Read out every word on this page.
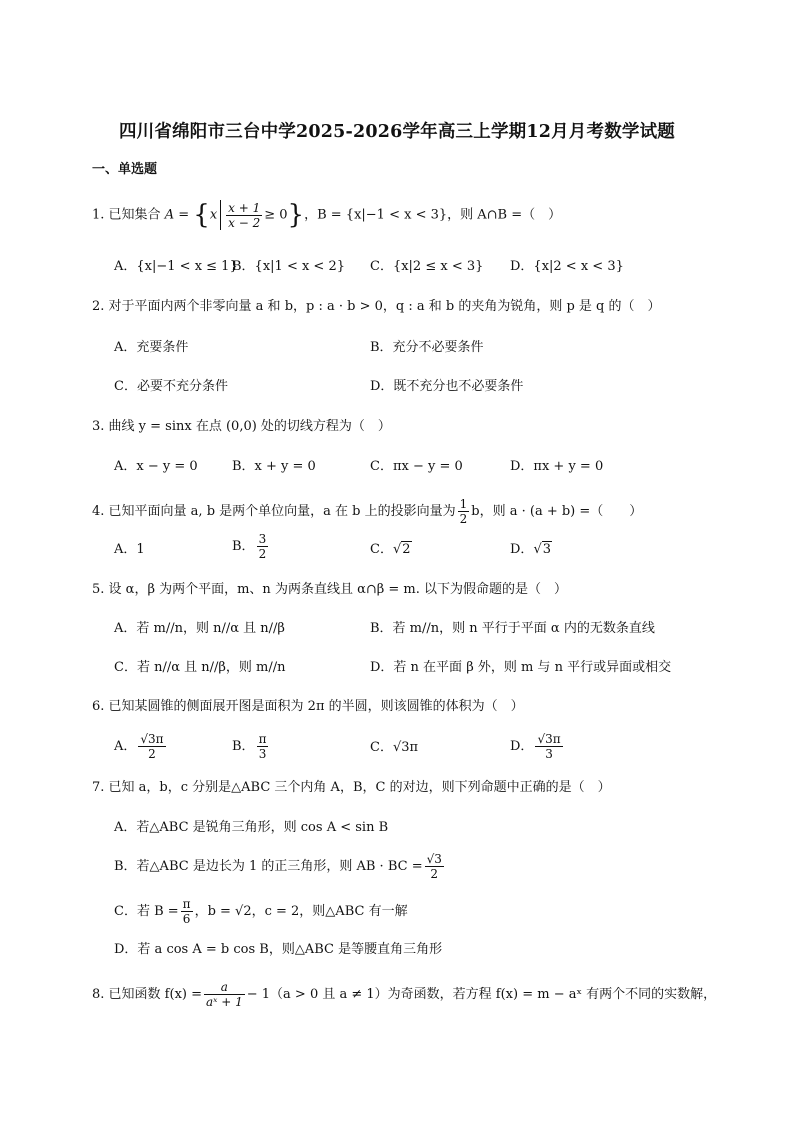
四川省绵阳市三台中学2025-2026学年高三上学期12月月考数学试题
一、单选题
1. 已知集合 $A = \{x \frac{x + 1}{x - 2} \ge 0\}$，B = {x|−1 < x < 3}，则 A∩B =（　）
A．{x|−1 < x ≤ 1}
B．{x|1 < x < 2} C．{x|2 ≤ x < 3} D．{x|2 < x < 3}
2. 对于平面内两个非零向量 a 和 b，p : a · b > 0，q : a 和 b 的夹角为锐角，则 p 是 q 的（　）
A．充要条件	B．充分不必要条件
C．必要不充分条件	D．既不充分也不必要条件
3. 曲线 y = sinx 在点 (0,0) 处的切线方程为（　）
A．x − y = 0	B．x + y = 0	C．πx − y = 0	D．πx + y = 0
4. 已知平面向量 a, b 是两个单位向量，a 在 b 上的投影向量为 $\frac{1}{2}$ b，则 a · (a + b) =（　　）
A．1	B． $\frac{3}{2}$	C．√2	D．√3
5. 设 α，β 为两个平面，m、n 为两条直线且 α∩β = m. 以下为假命题的是（　）
A．若 m//n，则 n//α 且 n//β	B．若 m//n，则 n 平行于平面 α 内的无数条直线
C．若 n//α 且 n//β，则 m//n	D．若 n 在平面 β 外，则 m 与 n 平行或异面或相交
6. 已知某圆锥的侧面展开图是面积为 2π 的半圆，则该圆锥的体积为（　）
A． $\frac{√3\pi}{2}$	B． $\frac{\pi}{3}$	C．√3π	D． $\frac{√3\pi}{3}$
7. 已知 a，b，c 分别是△ABC 三个内角 A，B，C 的对边，则下列命题中正确的是（　）
A．若△ABC 是锐角三角形，则 cos A < sin B
B．若△ABC 是边长为 1 的正三角形，则 AB · BC = $\frac{√3}{2}$
C．若 $B = \frac{\pi}{6}$ ，b = √2，c = 2，则△ABC 有一解
D．若 a cos A = b cos B，则△ABC 是等腰直角三角形
8. 已知函数 $f(x) = \frac{a}{\text{aˣ + 1}} - 1(a > 0$ 且 a ≠ 1）为奇函数，若方程 f(x) = m − aˣ 有两个不同的实数解，
